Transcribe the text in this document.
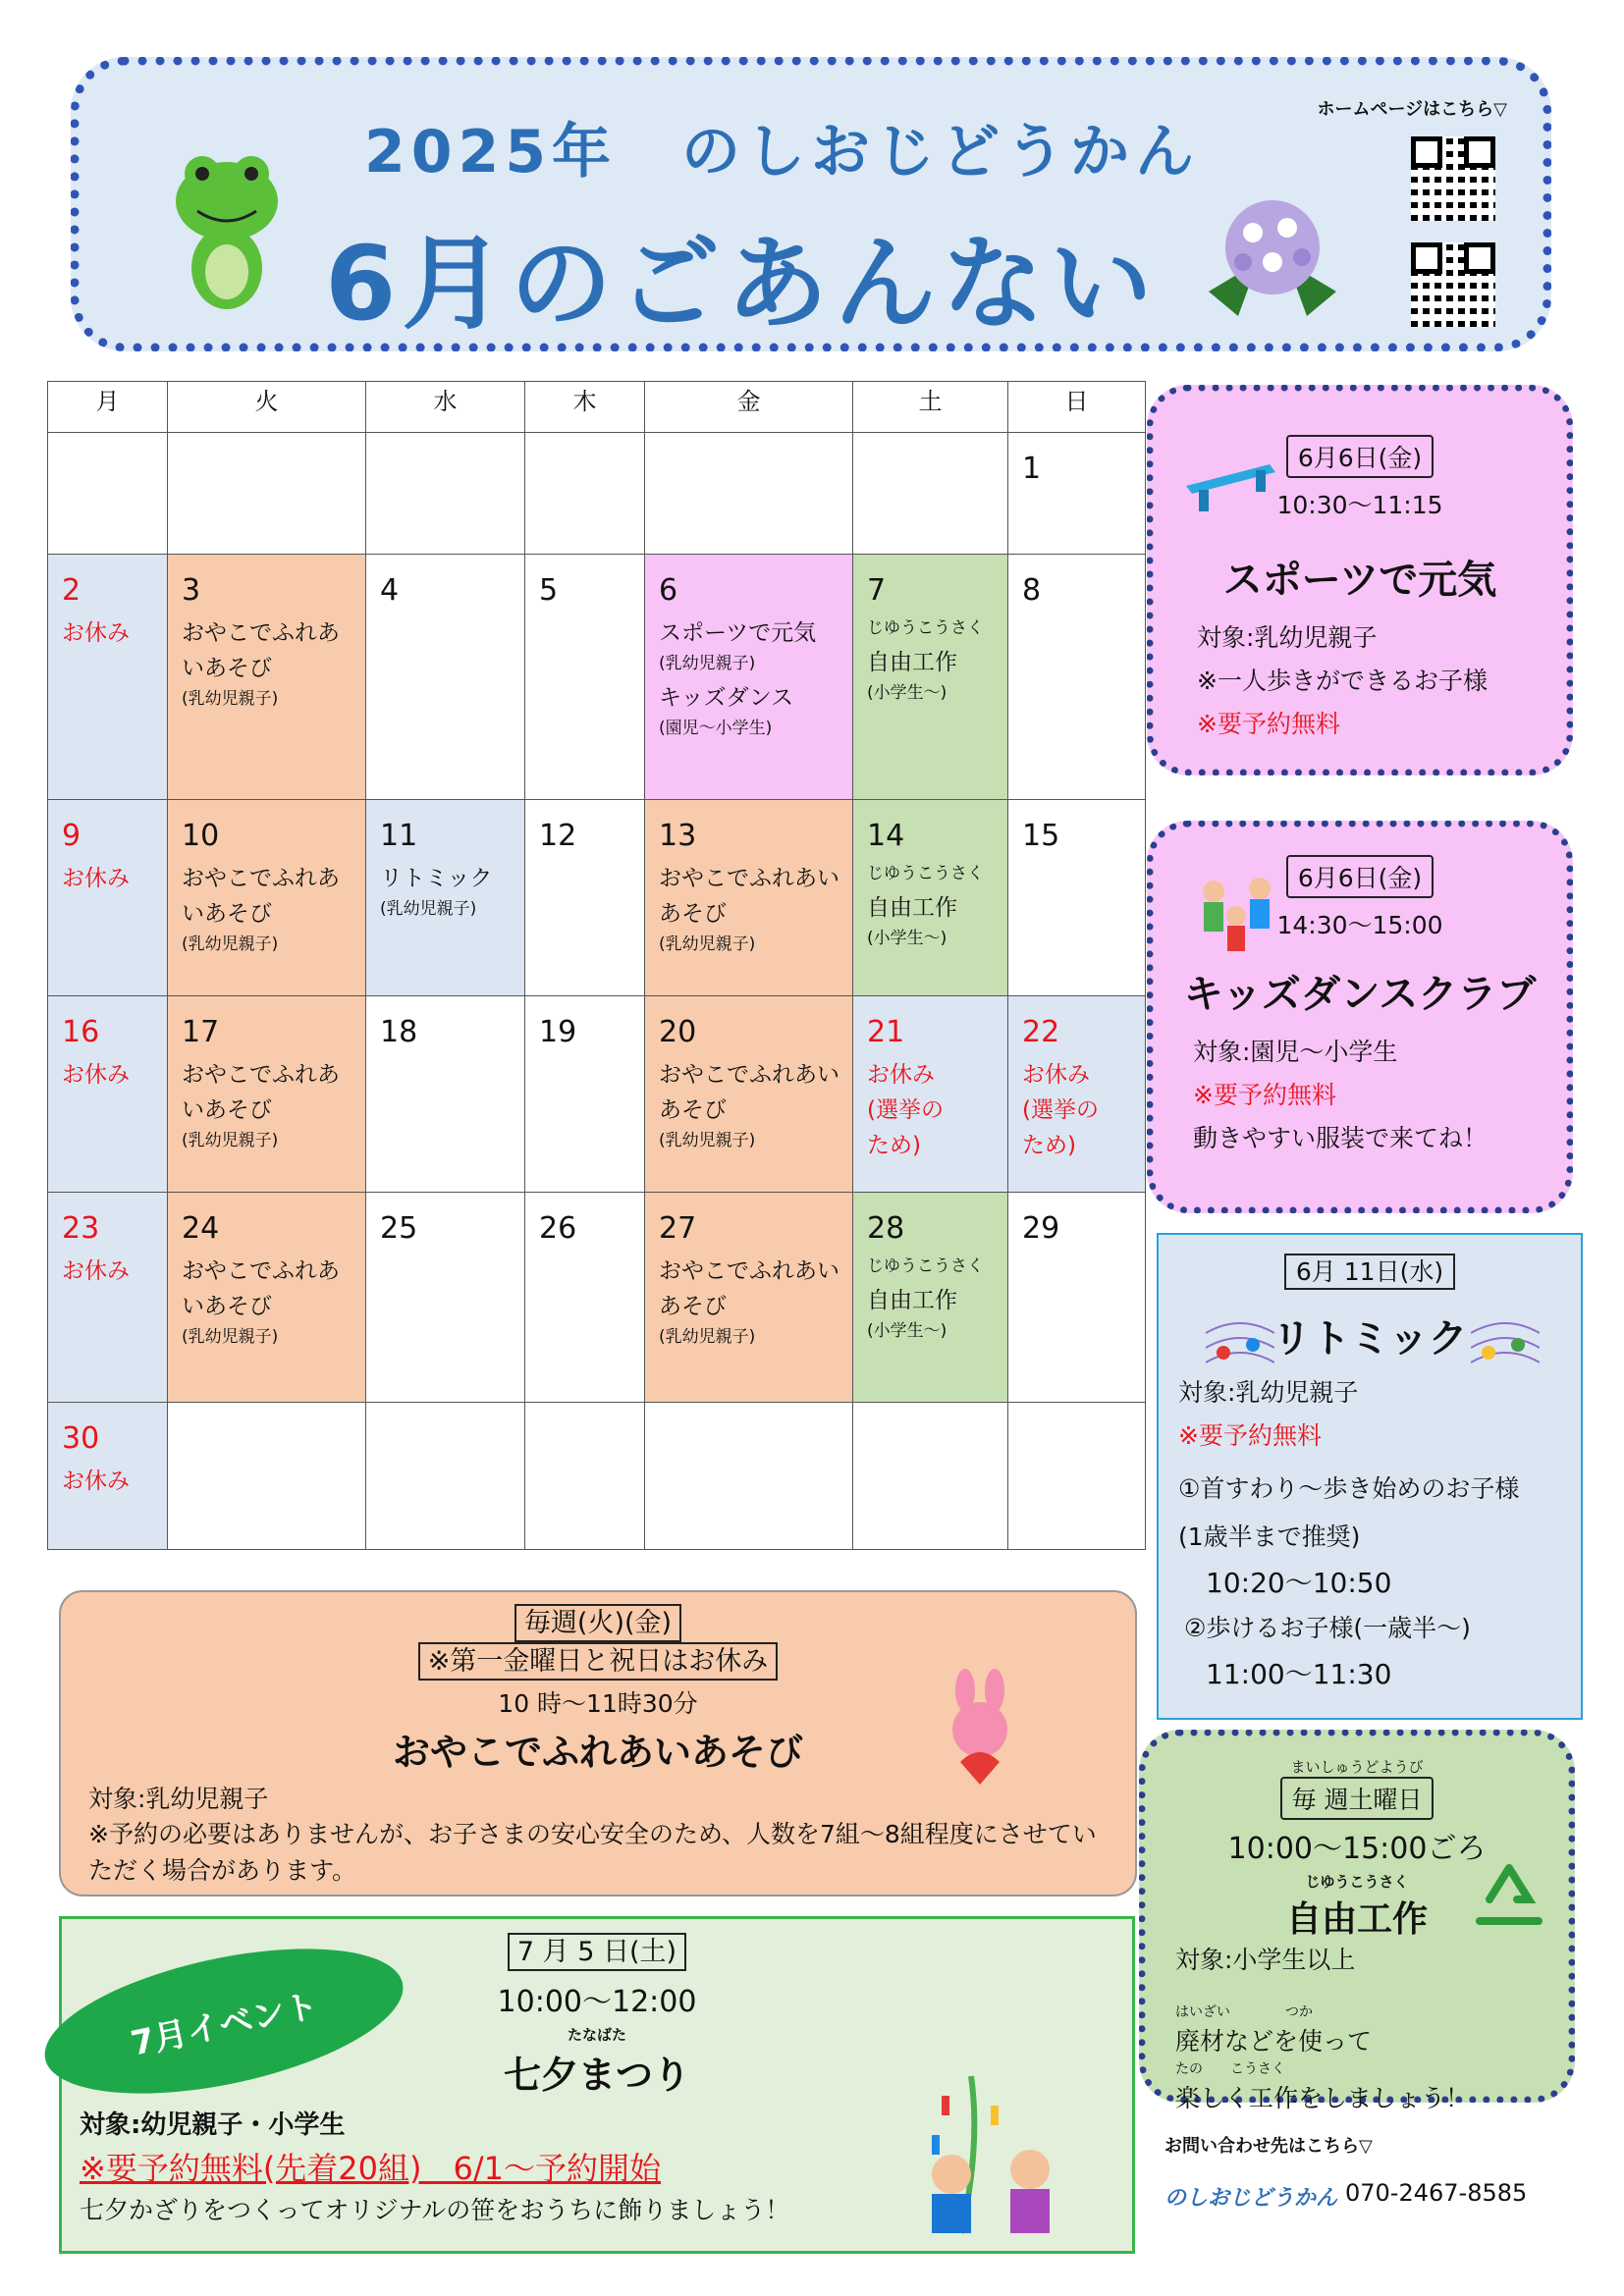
2025年　のしおじどうかん
6月のごあんない
ホームページはこちら▽
月	火	水	木	金	土	日

						1

2
お休み	3
おやこでふれあ
いあそび
(乳幼児親子)	4	5	6
スポーツで元気
(乳幼児親子)
キッズダンス
(園児～小学生)	7
じゆうこうさく
自由工作
(小学生～)	8

9
お休み	10
おやこでふれあ
いあそび
(乳幼児親子)	11
リトミック
(乳幼児親子)	12	13
おやこでふれあい
あそび
(乳幼児親子)	14
じゆうこうさく
自由工作
(小学生～)	15

16
お休み	17
おやこでふれあ
いあそび
(乳幼児親子)	18	19	20
おやこでふれあい
あそび
(乳幼児親子)	21
お休み
(選挙の
ため)	22
お休み
(選挙の
ため)

23
お休み	24
おやこでふれあ
いあそび
(乳幼児親子)	25	26	27
おやこでふれあい
あそび
(乳幼児親子)	28
じゆうこうさく
自由工作
(小学生～)	29

30
お休み						

6月6日(金)
10:30～11:15
スポーツで元気
対象:乳幼児親子
※一人歩きができるお子様
※要予約無料
6月6日(金)
14:30～15:00
キッズダンスクラブ
対象:園児～小学生
※要予約無料
動きやすい服装で来てね！
6月 11日(水)
リトミック
対象:乳幼児親子
※要予約無料
①首すわり～歩き始めのお子様
(1歳半まで推奨)
10:20～10:50
②歩けるお子様(一歳半～)
11:00～11:30
まいしゅうどようび
毎 週土曜日
10:00～15:00ごろ
じゆうこうさく
自由工作
対象:小学生以上
はいざい　　　　つか
廃材などを使って
たの　　こうさく
楽しく工作をしましょう！
毎週(火)(金)
※第一金曜日と祝日はお休み
10 時～11時30分
おやこでふれあいあそび
対象:乳幼児親子
※予約の必要はありませんが、お子さまの安心安全のため、人数を7組～8組程度にさせていただく場合があります。
7 月 5 日(土)
10:00～12:00
たなばた
七夕まつり
対象:幼児親子・小学生
※要予約無料(先着20組)　6/1～予約開始
七夕かざりをつくってオリジナルの笹をおうちに飾りましょう！
7月イベント
お問い合わせ先はこちら▽
のしおじどうかん 070-2467-8585
